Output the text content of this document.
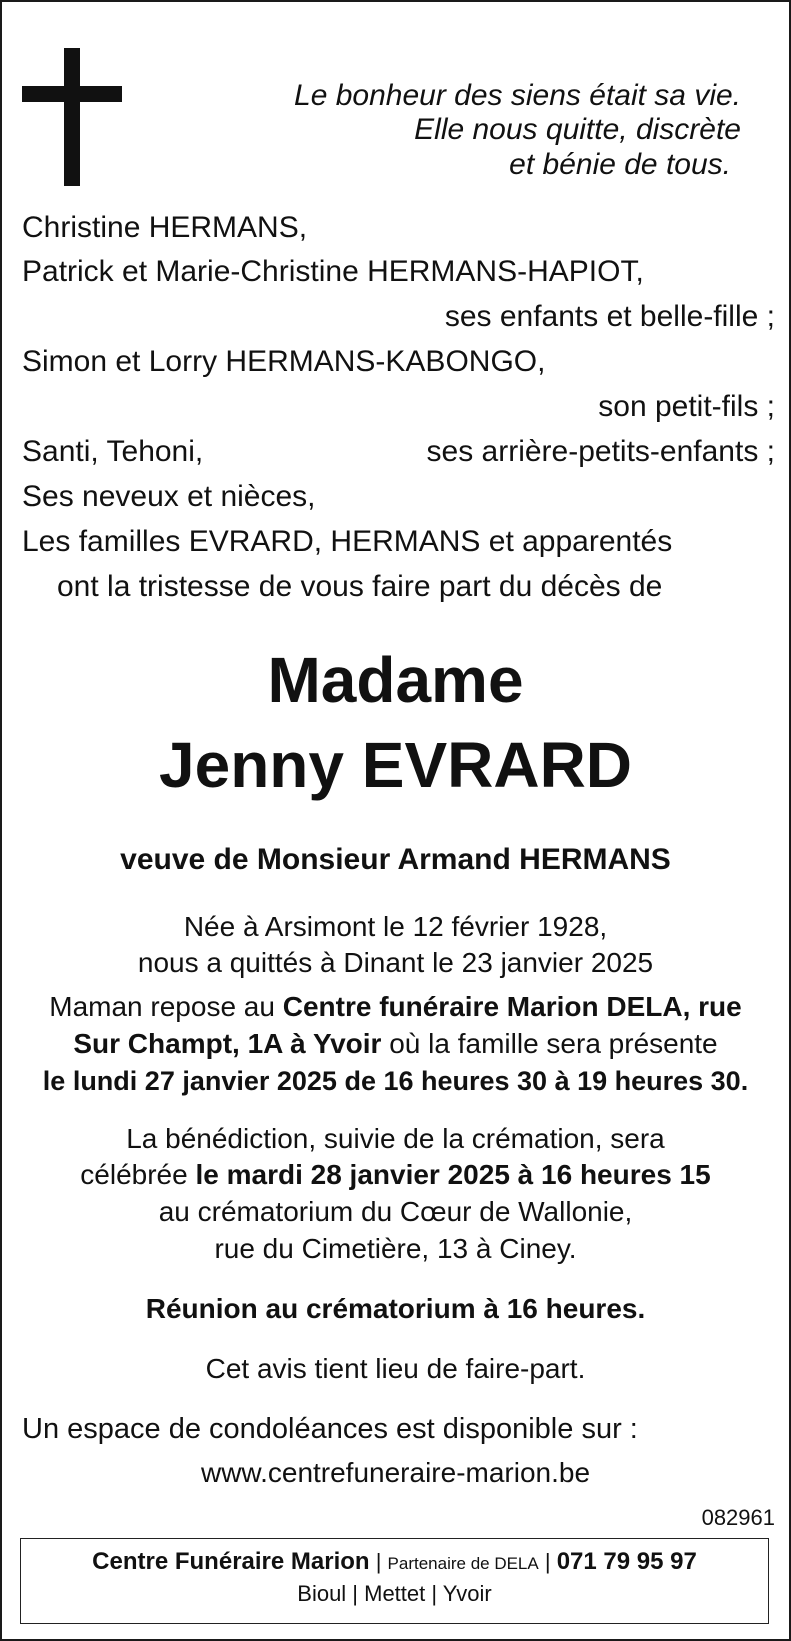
Le bonheur des siens était sa vie.
Elle nous quitte, discrète
et bénie de tous.
Christine HERMANS,
Patrick et Marie-Christine HERMANS-HAPIOT,
ses enfants et belle-fille ;
Simon et Lorry HERMANS-KABONGO,
son petit-fils ;
Santi, Tehoni,	ses arrière-petits-enfants ;
Ses neveux et nièces,
Les familles EVRARD, HERMANS et apparentés
ont la tristesse de vous faire part du décès de
Madame
Jenny EVRARD
veuve de Monsieur Armand HERMANS
Née à Arsimont le 12 février 1928,
nous a quittés à Dinant le 23 janvier 2025
Maman repose au Centre funéraire Marion DELA, rue
Sur Champt, 1A à Yvoir où la famille sera présente
le lundi 27 janvier 2025 de 16 heures 30 à 19 heures 30.
La bénédiction, suivie de la crémation, sera
célébrée le mardi 28 janvier 2025 à 16 heures 15
au crématorium du Cœur de Wallonie,
rue du Cimetière, 13 à Ciney.
Réunion au crématorium à 16 heures.
Cet avis tient lieu de faire-part.
Un espace de condoléances est disponible sur :
www.centrefuneraire-marion.be
082961
Centre Funéraire Marion | Partenaire de DELA | 071 79 95 97
Bioul | Mettet | Yvoir
